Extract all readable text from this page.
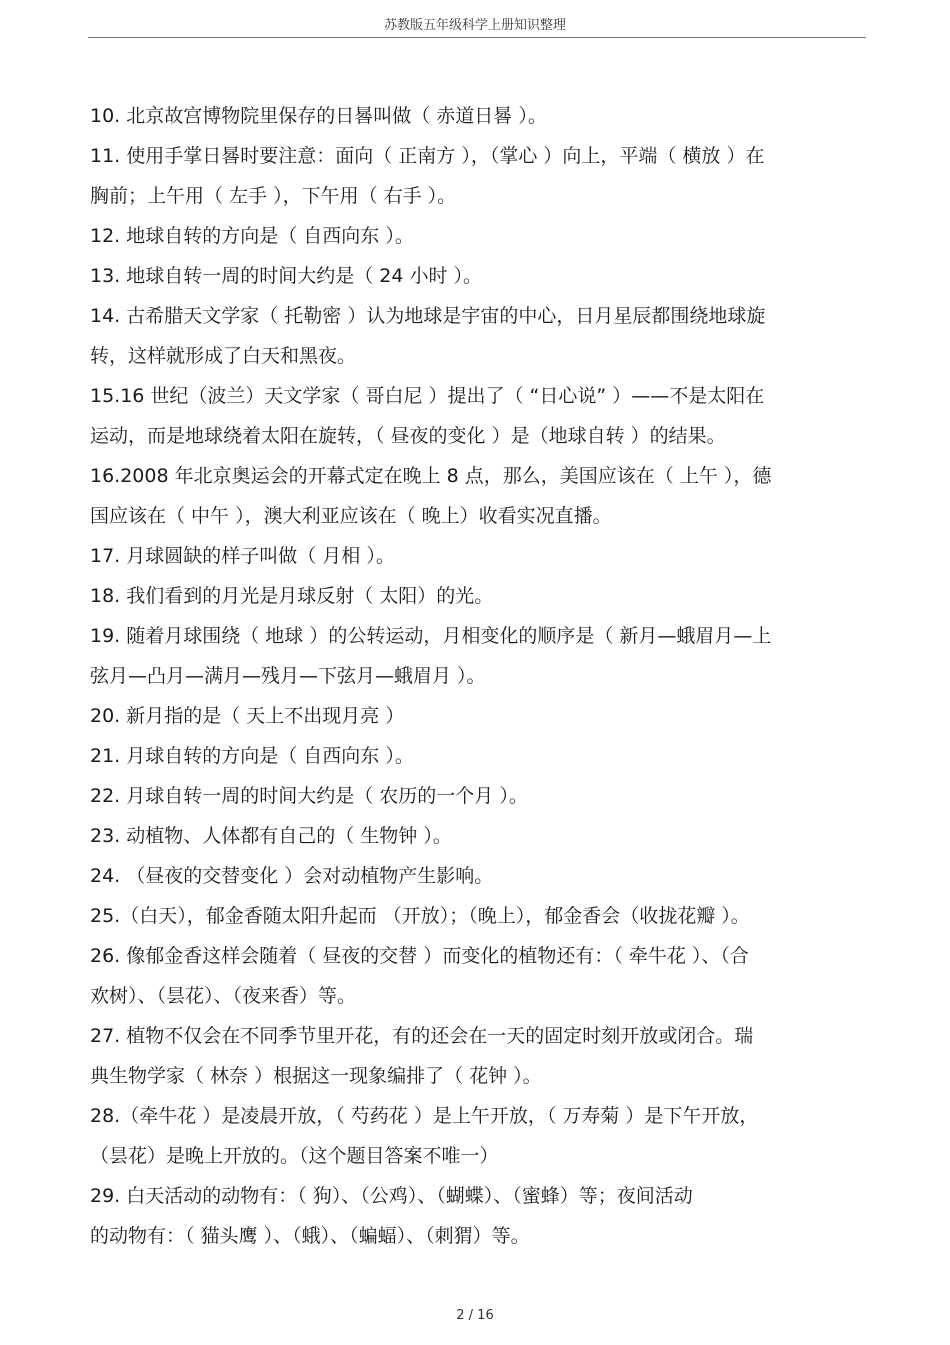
苏教版五年级科学上册知识整理
10. 北京故宫博物院里保存的日晷叫做（ 赤道日晷 ）。
11. 使用手掌日晷时要注意：面向（ 正南方 ），（掌心 ）向上，平端（ 横放 ）在
胸前；上午用（ 左手 ），下午用（ 右手 ）。
12. 地球自转的方向是（ 自西向东 ）。
13. 地球自转一周的时间大约是（ 24 小时 ）。
14. 古希腊天文学家（ 托勒密 ）认为地球是宇宙的中心，日月星辰都围绕地球旋
转，这样就形成了白天和黑夜。
15.16 世纪（波兰）天文学家（ 哥白尼 ）提出了（ “日心说” ）——不是太阳在
运动，而是地球绕着太阳在旋转，（ 昼夜的变化 ）是（地球自转 ）的结果。
16.2008 年北京奥运会的开幕式定在晚上 8 点，那么，美国应该在（ 上午 ），德
国应该在（ 中午 ），澳大利亚应该在（ 晚上）收看实况直播。
17. 月球圆缺的样子叫做（ 月相 ）。
18. 我们看到的月光是月球反射（ 太阳）的光。
19. 随着月球围绕（ 地球 ）的公转运动，月相变化的顺序是（ 新月—蛾眉月—上
弦月—凸月—满月—残月—下弦月—蛾眉月 ）。
20. 新月指的是（ 天上不出现月亮 ）
21. 月球自转的方向是（ 自西向东 ）。
22. 月球自转一周的时间大约是（ 农历的一个月 ）。
23. 动植物、人体都有自己的（ 生物钟 ）。
24. （昼夜的交替变化 ）会对动植物产生影响。
25.（白天），郁金香随太阳升起而 （开放）；（晚上），郁金香会（收拢花瓣 ）。
26. 像郁金香这样会随着（ 昼夜的交替 ）而变化的植物还有：（ 牵牛花 ）、（合
欢树）、（昙花）、（夜来香）等。
27. 植物不仅会在不同季节里开花，有的还会在一天的固定时刻开放或闭合。瑞
典生物学家（ 林奈 ）根据这一现象编排了（ 花钟 ）。
28.（牵牛花 ）是凌晨开放，（ 芍药花 ）是上午开放，（ 万寿菊 ）是下午开放，
（昙花）是晚上开放的。（这个题目答案不唯一）
29. 白天活动的动物有：（ 狗）、（公鸡）、（蝴蝶）、（蜜蜂）等；夜间活动
的动物有：（ 猫头鹰 ）、（蛾）、（蝙蝠）、（刺猬）等。
2 / 16
